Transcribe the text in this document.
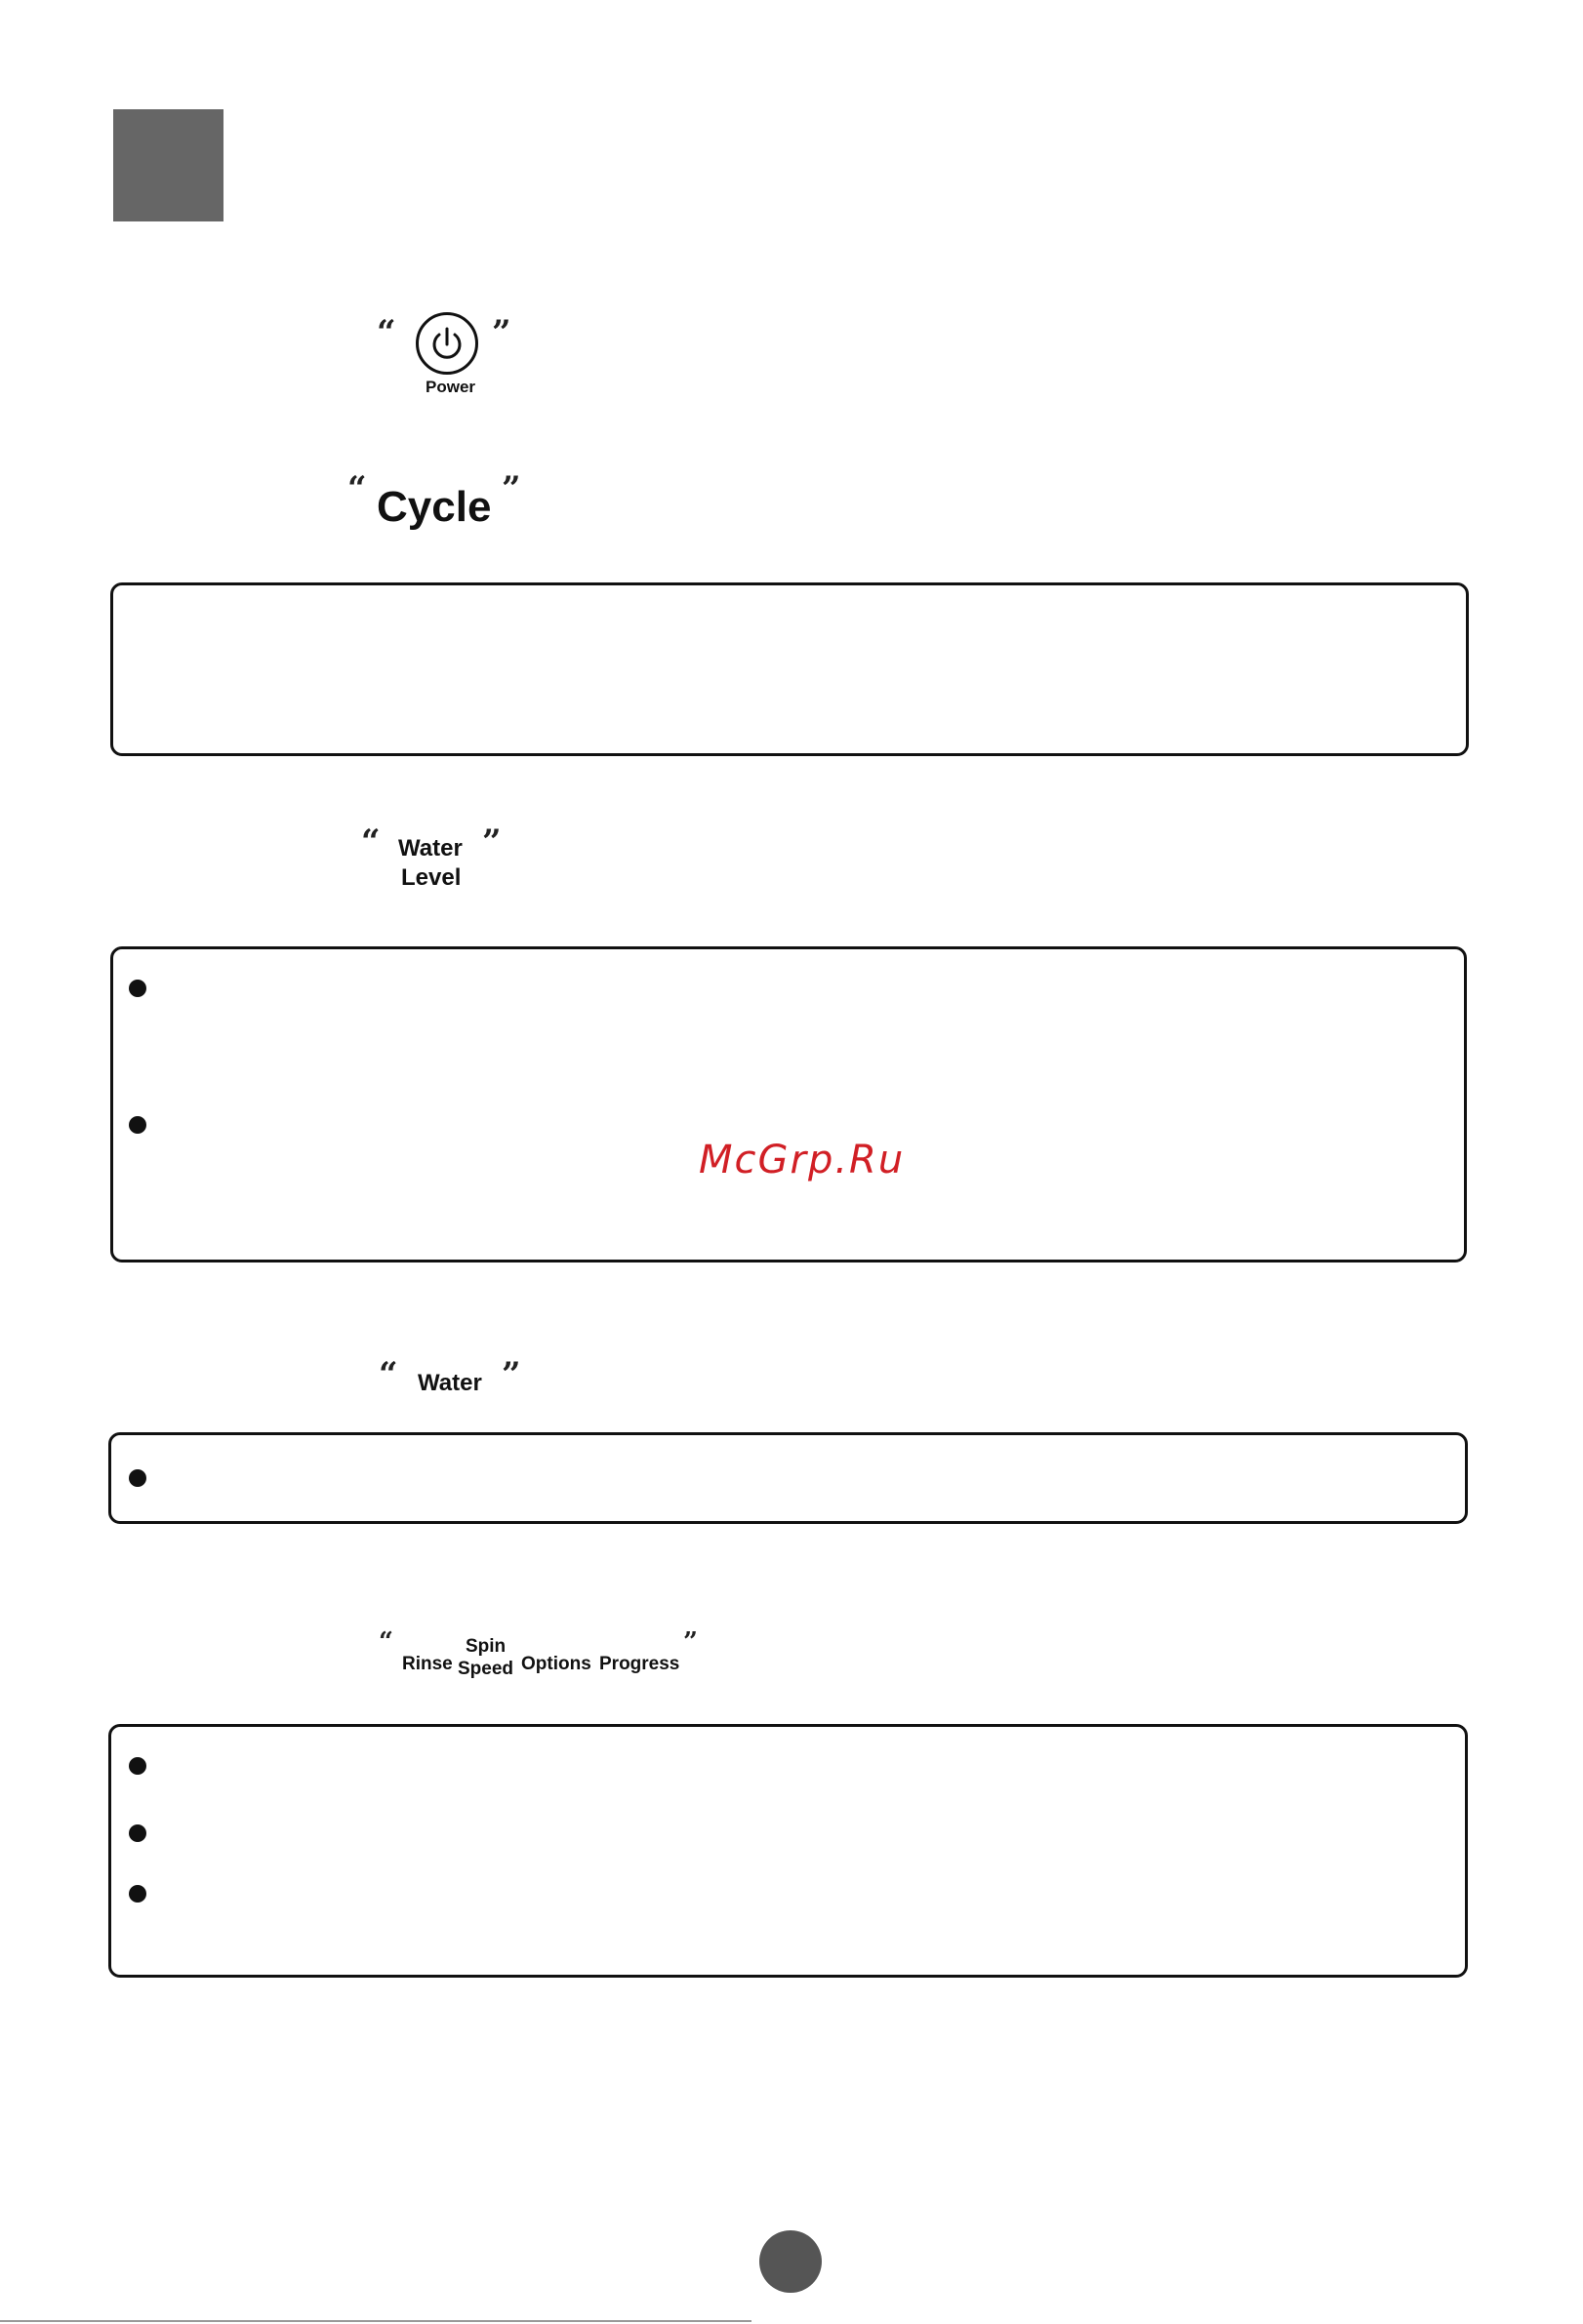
“	”
Power
“ Cycle ”
“ Water
Level
”
McGrp.Ru
“ Water ”
“
Rinse
Spin
Speed Options Progress
”
